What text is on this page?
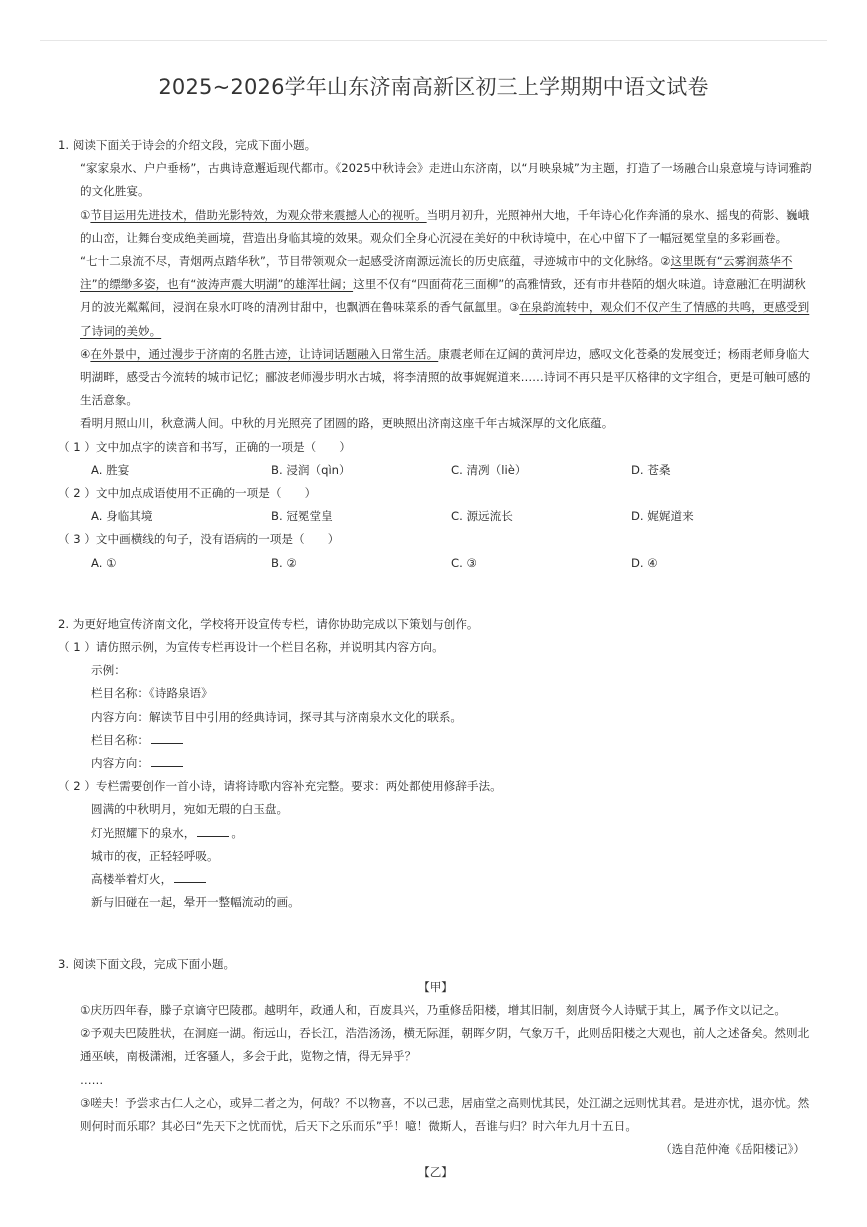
2025~2026学年山东济南高新区初三上学期期中语文试卷
1. 阅读下面关于诗会的介绍文段，完成下面小题。
“家家泉水、户户垂杨”，古典诗意邂逅现代都市。《2025中秋诗会》走进山东济南，以“月映泉城”为主题，打造了一场融合山泉意境与诗词雅韵的文化胜宴。
①节目运用先进技术，借助光影特效，为观众带来震撼人心的视听。当明月初升，光照神州大地，千年诗心化作奔涌的泉水、摇曳的荷影、巍峨的山峦，让舞台变成绝美画境，营造出身临其境的效果。观众们全身心沉浸在美好的中秋诗境中，在心中留下了一幅冠冕堂皇的多彩画卷。
“七十二泉流不尽，青烟两点踏华秋”，节目带领观众一起感受济南源远流长的历史底蕴，寻迹城市中的文化脉络。②这里既有“云雾润蒸华不注”的缥缈多姿，也有“波涛声震大明湖”的雄浑壮阔；这里不仅有“四面荷花三面柳”的高雅情致，还有市井巷陌的烟火味道。诗意融汇在明湖秋月的波光粼粼间，浸润在泉水叮咚的清冽甘甜中，也飘洒在鲁味菜系的香气氤氲里。③在泉韵流转中，观众们不仅产生了情感的共鸣，更感受到了诗词的美妙。
④在外景中，通过漫步于济南的名胜古迹，让诗词话题融入日常生活。康震老师在辽阔的黄河岸边，感叹文化苍桑的发展变迁；杨雨老师身临大明湖畔，感受古今流转的城市记忆；郦波老师漫步明水古城，将李清照的故事娓娓道来……诗词不再只是平仄格律的文字组合，更是可触可感的生活意象。
看明月照山川，秋意满人间。中秋的月光照亮了团圆的路，更映照出济南这座千年古城深厚的文化底蕴。
（ 1 ）文中加点字的读音和书写，正确的一项是（　　）
A. 胜宴	B. 浸润（qìn）	C. 清冽（liè）	D. 苍桑
（ 2 ）文中加点成语使用不正确的一项是（　　）
A. 身临其境	B. 冠冕堂皇	C. 源远流长	D. 娓娓道来
（ 3 ）文中画横线的句子，没有语病的一项是（　　）
A. ①	B. ②	C. ③	D. ④
2. 为更好地宣传济南文化，学校将开设宣传专栏，请你协助完成以下策划与创作。
（ 1 ）请仿照示例，为宣传专栏再设计一个栏目名称，并说明其内容方向。
示例：
栏目名称：《诗路泉语》
内容方向：解读节目中引用的经典诗词，探寻其与济南泉水文化的联系。
栏目名称：
内容方向：
（ 2 ）专栏需要创作一首小诗，请将诗歌内容补充完整。要求：两处都使用修辞手法。
圆满的中秋明月，宛如无瑕的白玉盘。
灯光照耀下的泉水，	。
城市的夜，正轻轻呼吸。
高楼举着灯火，
新与旧碰在一起，晕开一整幅流动的画。
3. 阅读下面文段，完成下面小题。
【甲】
①庆历四年春，滕子京谪守巴陵郡。越明年，政通人和，百废具兴，乃重修岳阳楼，增其旧制，刻唐贤今人诗赋于其上，属予作文以记之。
②予观夫巴陵胜状，在洞庭一湖。衔远山，吞长江，浩浩汤汤，横无际涯，朝晖夕阴，气象万千，此则岳阳楼之大观也，前人之述备矣。然则北通巫峡，南极潇湘，迁客骚人，多会于此，览物之情，得无异乎？
……
③嗟夫！予尝求古仁人之心，或异二者之为，何哉？不以物喜，不以己悲，居庙堂之高则忧其民，处江湖之远则忧其君。是进亦忧，退亦忧。然则何时而乐耶？其必曰“先天下之忧而忧，后天下之乐而乐”乎！噫！微斯人，吾谁与归？时六年九月十五日。
（选自范仲淹《岳阳楼记》）
【乙】
